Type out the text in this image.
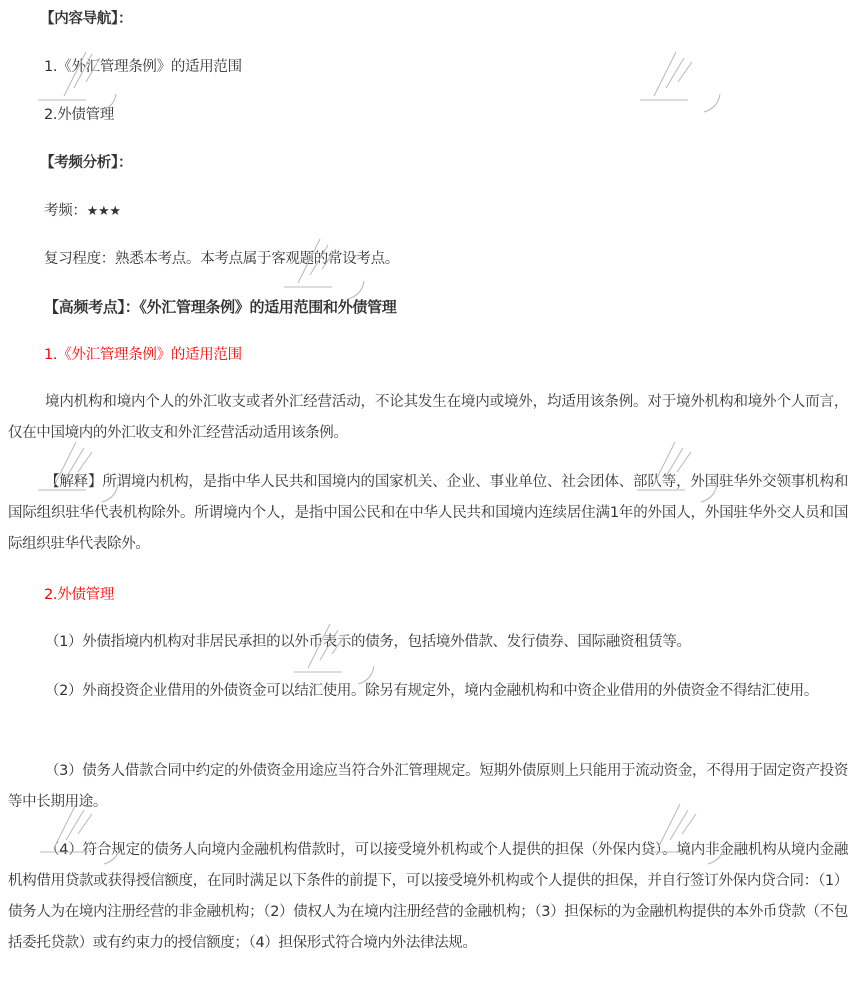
【内容导航】：
1.《外汇管理条例》的适用范围
2.外债管理
【考频分析】：
考频：★★★
复习程度：熟悉本考点。本考点属于客观题的常设考点。
【高频考点】：《外汇管理条例》的适用范围和外债管理
1.《外汇管理条例》的适用范围
境内机构和境内个人的外汇收支或者外汇经营活动，不论其发生在境内或境外，均适用该条例。对于境外机构和境外个人而言，仅在中国境内的外汇收支和外汇经营活动适用该条例。
【解释】所谓境内机构，是指中华人民共和国境内的国家机关、企业、事业单位、社会团体、部队等，外国驻华外交领事机构和国际组织驻华代表机构除外。所谓境内个人，是指中国公民和在中华人民共和国境内连续居住满1年的外国人，外国驻华外交人员和国际组织驻华代表除外。
2.外债管理
（1）外债指境内机构对非居民承担的以外币表示的债务，包括境外借款、发行债券、国际融资租赁等。
（2）外商投资企业借用的外债资金可以结汇使用。除另有规定外，境内金融机构和中资企业借用的外债资金不得结汇使用。
（3）债务人借款合同中约定的外债资金用途应当符合外汇管理规定。短期外债原则上只能用于流动资金，不得用于固定资产投资等中长期用途。
（4）符合规定的债务人向境内金融机构借款时，可以接受境外机构或个人提供的担保（外保内贷）。境内非金融机构从境内金融机构借用贷款或获得授信额度，在同时满足以下条件的前提下，可以接受境外机构或个人提供的担保，并自行签订外保内贷合同：（1）债务人为在境内注册经营的非金融机构；（2）债权人为在境内注册经营的金融机构；（3）担保标的为金融机构提供的本外币贷款（不包括委托贷款）或有约束力的授信额度；（4）担保形式符合境内外法律法规。
